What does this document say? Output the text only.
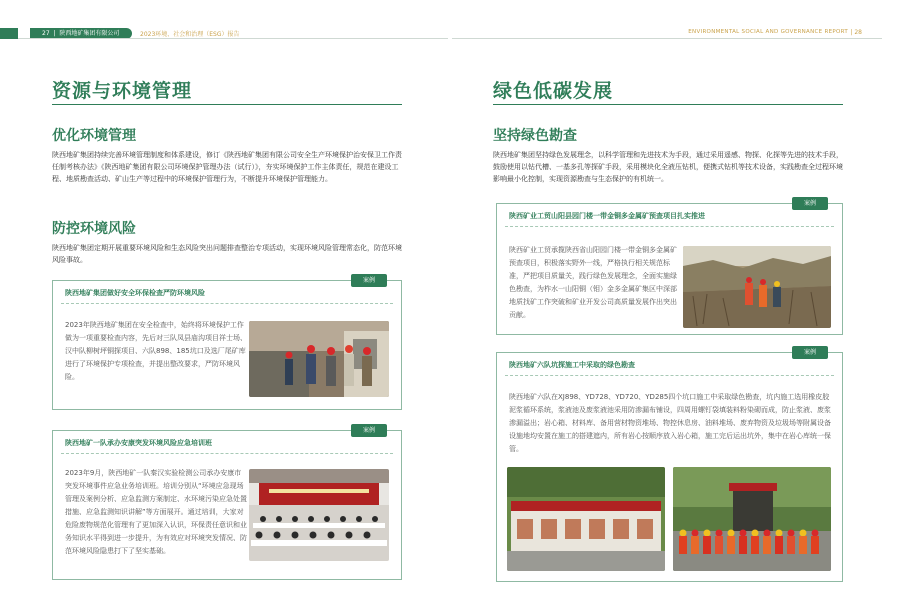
27  |  陕西地矿集团有限公司	2023环境、社会和治理（ESG）报告	ENVIRONMENTAL SOCIAL AND GOVERNANCE REPORT | 28
资源与环境管理
优化环境管理
陕西地矿集团持续完善环境管理制度和体系建设，修订《陕西地矿集团有限公司安全生产环境保护治安保卫工作责任制考核办法》《陕西地矿集团有限公司环境保护管理办法（试行）》，夯实环境保护工作主体责任，规范在建设工程、地质勘查活动、矿山生产等过程中的环境保护管理行为，不断提升环境保护管理能力。
防控环境风险
陕西地矿集团定期开展重要环境风险和生态风险突出问题排查整治专项活动，实现环境风险管理常态化，防范环境风险事故。
案例
陕西地矿集团做好安全环保检查严防环境风险
2023年陕西地矿集团在安全检查中，始终将环境保护工作做为一项重要检查内容，先后对三队凤县庙沟项目祥士场、汉中队柳树坪铜探项目、六队898、185坑口及选厂尾矿库进行了环境保护专项检查，并提出整改要求，严防环境风险。
案例
陕西地矿一队承办安康突发环境风险应急培训班
2023年9月，陕西地矿一队秦汉实验检测公司承办安康市突发环境事件应急业务培训班。培训分别从“环境应急现场管理及案例分析、应急监测方案制定、水环境污染应急处置措施、应急监测知识讲解”等方面展开。通过培训，大家对危险废物规范化管理有了更加深入认识，环保责任意识和业务知识水平得到进一步提升，为有效应对环境突发情况、防范环境风险隐患打下了坚实基础。
绿色低碳发展
坚持绿色勘查
陕西地矿集团坚持绿色发展理念，以科学管理和先进技术为手段，通过采用遥感、物探、化探等先进的技术手段，鼓励使用以钻代槽、一基多孔等探矿手段，采用模块化全液压钻机，便携式钻机等技术设备，实践勘查全过程环境影响最小化控制，实现资源勘查与生态保护的有机统一。
案例
陕西矿业工贸山阳县园门楼一带金铜多金属矿预查项目扎实推进
陕西矿业工贸承揽陕西省山阳园门楼一带金铜多金属矿预查项目，积极落实野外一线，严格执行相关规范标准，严把项目质量关，践行绿色发展理念，全面实施绿色勘查，为柞水一山阳铜（钼）金多金属矿集区中深部地质找矿工作突破和矿业开发公司高质量发展作出突出贡献。
案例
陕西地矿六队坑探施工中采取的绿色勘查
陕西地矿六队在XJ898、YD728、YD720、YD285四个坑口施工中采取绿色勘查，坑内施工选用橡皮胶泥浆循环系统，浆液池及废浆液池采用防渗漏布铺设，四周用螺钉袋填装料粉染砌而成，防止浆液、废浆渗漏溢出；岩心箱、材料库、备用营材物资堆场、物控休息房、油料堆场、废弃物资及垃圾场等附属设备设施地均安置在施工的搭建遮内，所有岩心按顺序放入岩心箱，施工完后运出坑外，集中在岩心库统一保管。
